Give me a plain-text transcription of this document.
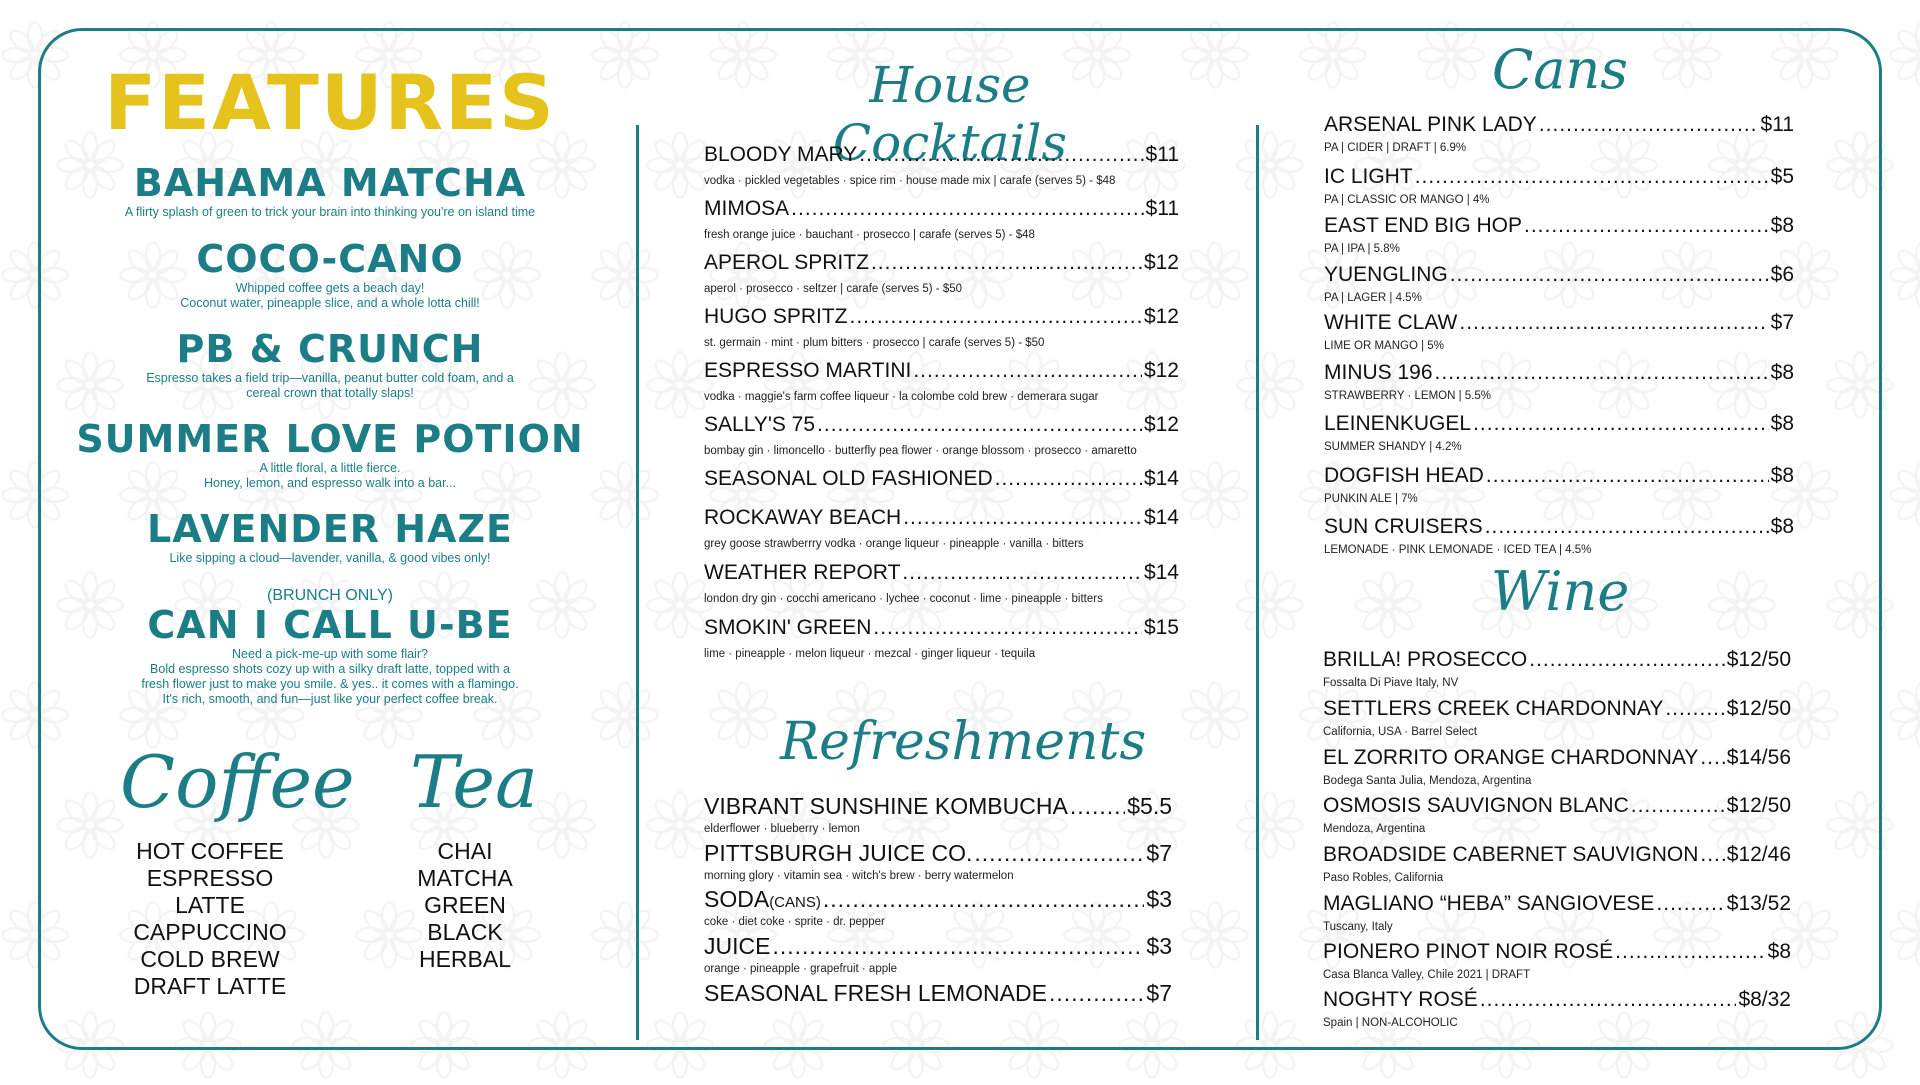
FEATURES
BAHAMA MATCHA
A flirty splash of green to trick your brain into thinking you're on island time
COCO-CANO
Whipped coffee gets a beach day!
Coconut water, pineapple slice, and a whole lotta chill!
PB & CRUNCH
Espresso takes a field trip—vanilla, peanut butter cold foam, and a
cereal crown that totally slaps!
SUMMER LOVE POTION
A little floral, a little fierce.
Honey, lemon, and espresso walk into a bar...
LAVENDER HAZE
Like sipping a cloud—lavender, vanilla, & good vibes only!
(BRUNCH ONLY)
CAN I CALL U-BE
Need a pick-me-up with some flair?
Bold espresso shots cozy up with a silky draft latte, topped with a
fresh flower just to make you smile. & yes.. it comes with a flamingo.
It's rich, smooth, and fun—just like your perfect coffee break.
Coffee Tea
HOT COFFEE
ESPRESSO
LATTE
CAPPUCCINO
COLD BREW
DRAFT LATTE
CHAI
MATCHA
GREEN
BLACK
HERBAL
House Cocktails
BLOODY MARY .....	$11
vodka · pickled vegetables · spice rim · house made mix | carafe (serves 5) - $48
MIMOSA .....	$11
fresh orange juice · bauchant · prosecco | carafe (serves 5) - $48
APEROL SPRITZ .....	$12
aperol · prosecco · seltzer | carafe (serves 5) - $50
HUGO SPRITZ .....	$12
st. germain · mint · plum bitters · prosecco | carafe (serves 5) - $50
ESPRESSO MARTINI .....	$12
vodka · maggie's farm coffee liqueur · la colombe cold brew · demerara sugar
SALLY'S 75 .....	$12
bombay gin · limoncello · butterfly pea flower · orange blossom · prosecco · amaretto
SEASONAL OLD FASHIONED .....	$14
ROCKAWAY BEACH .....	$14
grey goose strawberrry vodka · orange liqueur · pineapple · vanilla · bitters
WEATHER REPORT .....	$14
london dry gin · cocchi americano · lychee · coconut · lime · pineapple · bitters
SMOKIN' GREEN .....	$15
lime · pineapple · melon liqueur · mezcal · ginger liqueur · tequila
Refreshments
VIBRANT SUNSHINE KOMBUCHA .....	$5.5
elderflower · blueberry · lemon
PITTSBURGH JUICE CO. .....	$7
morning glory · vitamin sea · witch's brew · berry watermelon
SODA (CANS) .....	$3
coke · diet coke · sprite · dr. pepper
JUICE .....	$3
orange · pineapple · grapefruit · apple
SEASONAL FRESH LEMONADE .....	$7
Cans
ARSENAL PINK LADY .....	$11
PA | CIDER | DRAFT | 6.9%
IC LIGHT .....	$5
PA | CLASSIC OR MANGO | 4%
EAST END BIG HOP .....	$8
PA | IPA | 5.8%
YUENGLING .....	$6
PA | LAGER | 4.5%
WHITE CLAW .....	$7
LIME OR MANGO | 5%
MINUS 196 .....	$8
STRAWBERRY · LEMON | 5.5%
LEINENKUGEL .....	$8
SUMMER SHANDY | 4.2%
DOGFISH HEAD .....	$8
PUNKIN ALE | 7%
SUN CRUISERS .....	$8
LEMONADE · PINK LEMONADE · ICED TEA | 4.5%
Wine
BRILLA! PROSECCO .....	$12/50
Fossalta Di Piave Italy, NV
SETTLERS CREEK CHARDONNAY .....	$12/50
California, USA · Barrel Select
EL ZORRITO ORANGE CHARDONNAY ..... $14/56
Bodega Santa Julia, Mendoza, Argentina
OSMOSIS SAUVIGNON BLANC .....	$12/50
Mendoza, Argentina
BROADSIDE CABERNET SAUVIGNON ..... $12/46
Paso Robles, California
MAGLIANO “HEBA” SANGIOVESE .....	$13/52
Tuscany, Italy
PIONERO PINOT NOIR ROSÉ .....	$8
Casa Blanca Valley, Chile 2021 | DRAFT
NOGHTY ROSÉ .....	$8/32
Spain | NON-ALCOHOLIC
